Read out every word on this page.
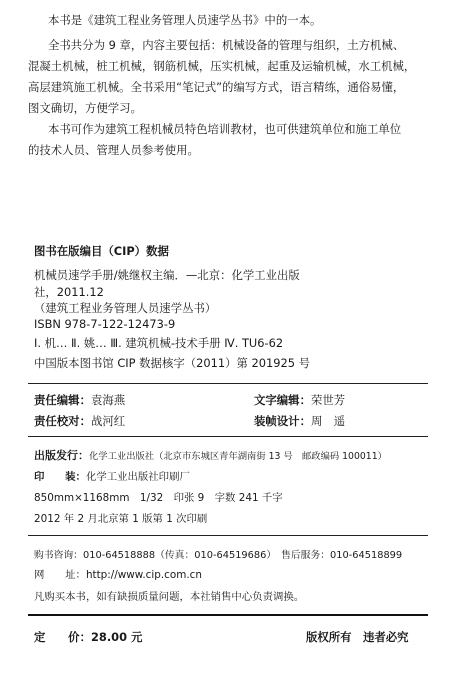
本书是《建筑工程业务管理人员速学丛书》中的一本。
全书共分为 9 章，内容主要包括：机械设备的管理与组织，土方机械、
混凝土机械，桩工机械，钢筋机械，压实机械，起重及运输机械，水工机械，
高层建筑施工机械。全书采用“笔记式”的编写方式，语言精练，通俗易懂，
图文确切，方便学习。
本书可作为建筑工程机械员特色培训教材，也可供建筑单位和施工单位
的技术人员、管理人员参考使用。
图书在版编目（CIP）数据
机械员速学手册/姚继权主编．—北京：化学工业出版
社，2011.12
（建筑工程业务管理人员速学丛书）
ISBN 978-7-122-12473-9
Ⅰ. 机… Ⅱ. 姚… Ⅲ. 建筑机械-技术手册 Ⅳ. TU6-62
中国版本图书馆 CIP 数据核字（2011）第 201925 号
责任编辑：袁海燕	文字编辑：荣世芳
责任校对：战河红	装帧设计：周　遥
出版发行：化学工业出版社（北京市东城区青年湖南街 13 号　邮政编码 100011）
印　　装：化学工业出版社印刷厂
850mm×1168mm　1/32　印张 9　字数 241 千字
2012 年 2 月北京第 1 版第 1 次印刷
购书咨询：010-64518888（传真：010-64519686）　售后服务：010-64518899
网　　址：http://www.cip.com.cn
凡购买本书，如有缺损质量问题，本社销售中心负责调换。
定　　价：28.00 元	版权所有　违者必究
